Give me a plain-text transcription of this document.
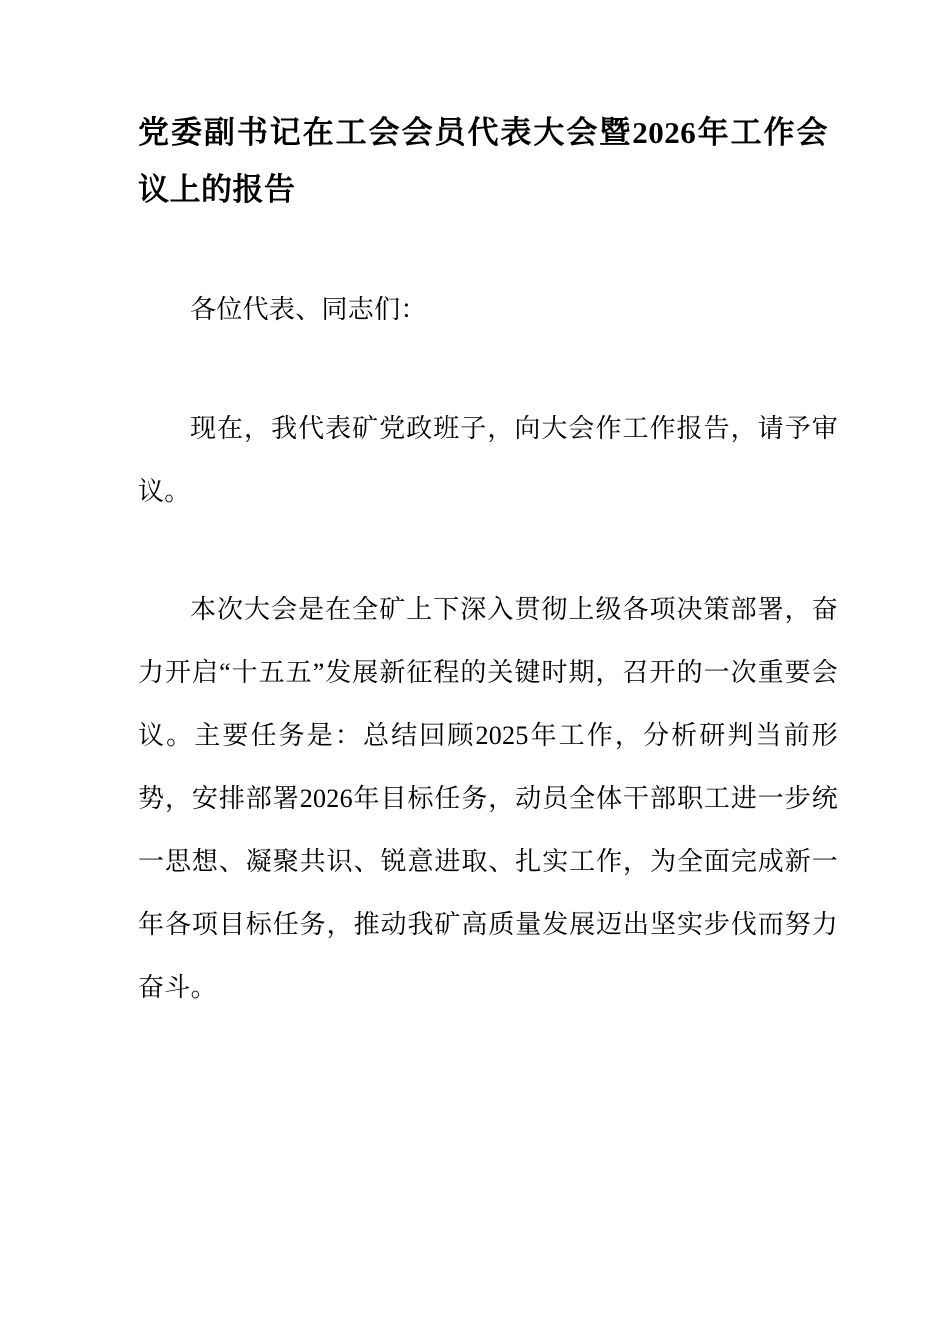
党委副书记在工会会员代表大会暨2026年工作会议上的报告

各位代表、同志们：

现在，我代表矿党政班子，向大会作工作报告，请予审议。

本次大会是在全矿上下深入贯彻上级各项决策部署，奋力开启“十五五”发展新征程的关键时期，召开的一次重要会议。主要任务是：总结回顾2025年工作，分析研判当前形势，安排部署2026年目标任务，动员全体干部职工进一步统一思想、凝聚共识、锐意进取、扎实工作，为全面完成新一年各项目标任务，推动我矿高质量发展迈出坚实步伐而努力奋斗。
